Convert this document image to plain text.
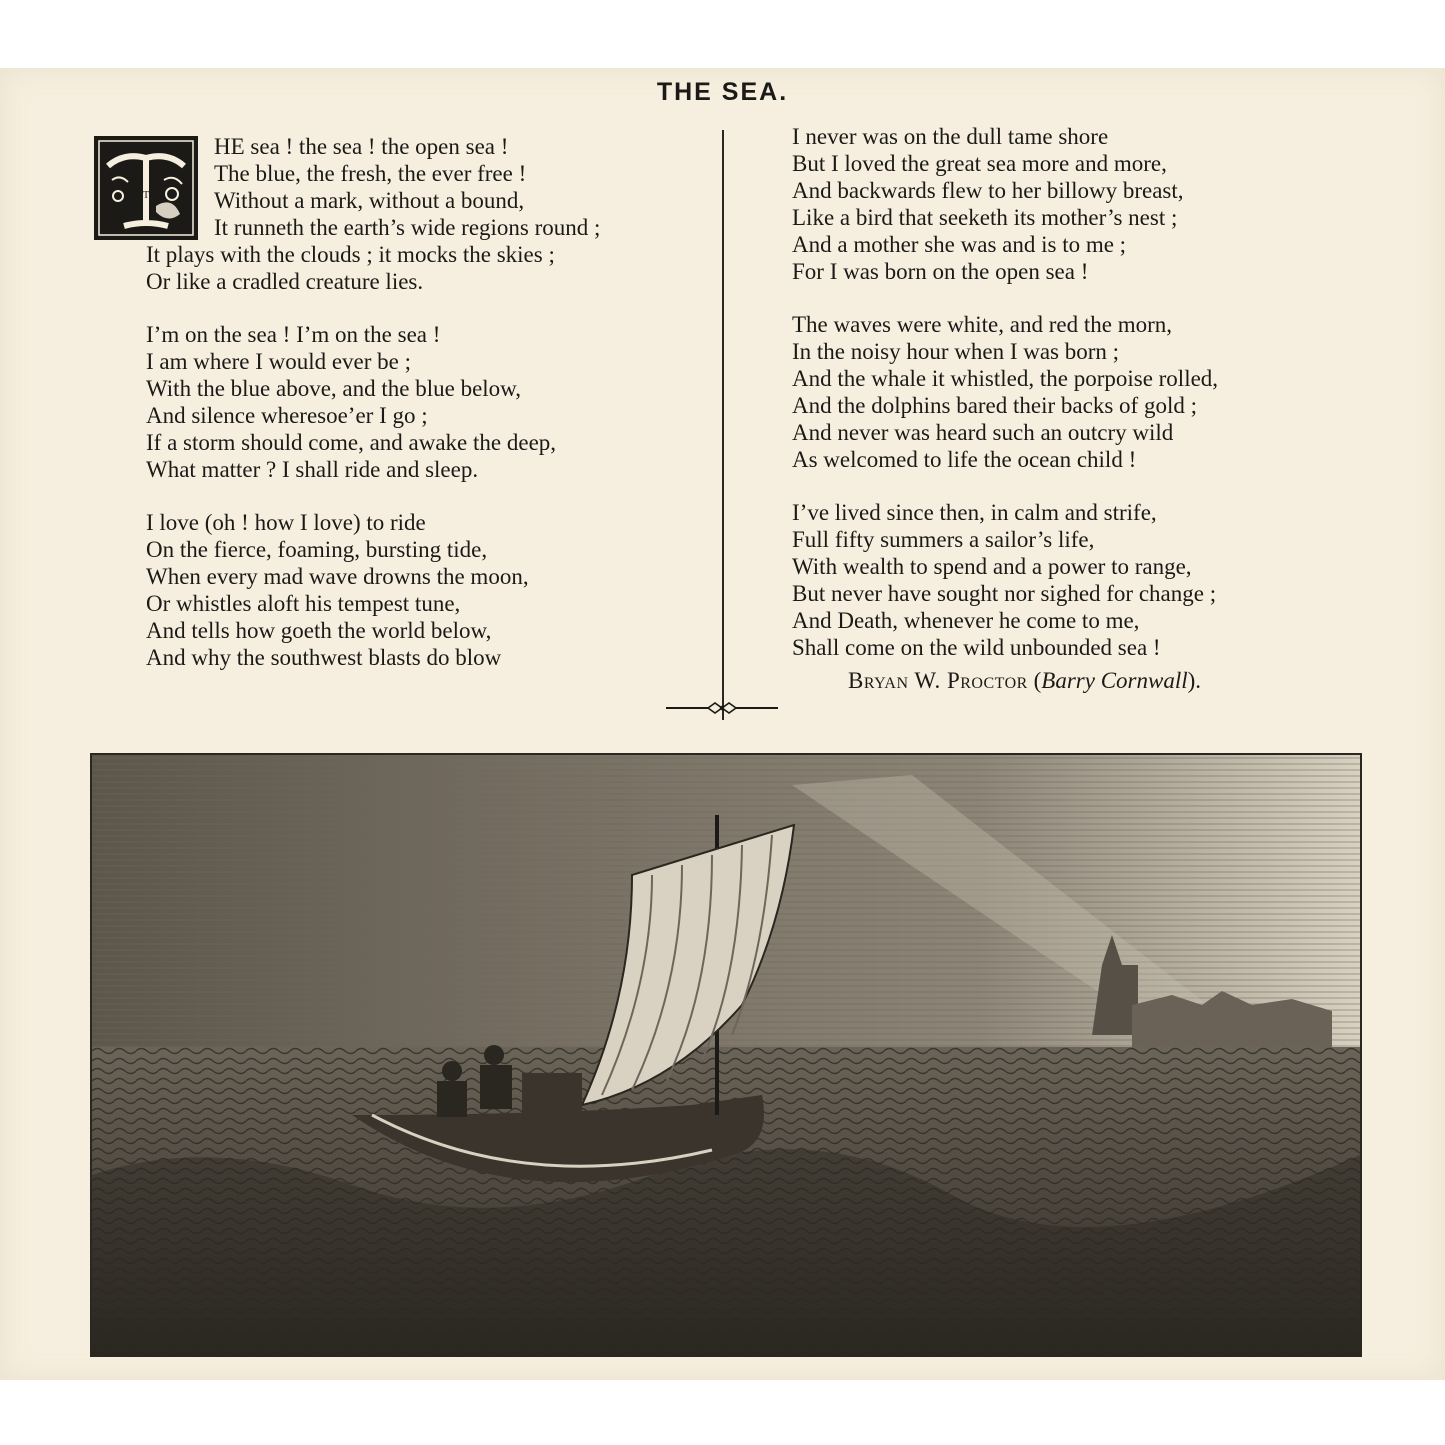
THE SEA.
T
HE sea ! the sea ! the open sea !
The blue, the fresh, the ever free !
Without a mark, without a bound,
It runneth the earth’s wide regions round ;
It plays with the clouds ; it mocks the skies ;
Or like a cradled creature lies.
I’m on the sea ! I’m on the sea !
I am where I would ever be ;
With the blue above, and the blue below,
And silence wheresoe’er I go ;
If a storm should come, and awake the deep,
What matter ? I shall ride and sleep.
I love (oh ! how I love) to ride
On the fierce, foaming, bursting tide,
When every mad wave drowns the moon,
Or whistles aloft his tempest tune,
And tells how goeth the world below,
And why the southwest blasts do blow
I never was on the dull tame shore
But I loved the great sea more and more,
And backwards flew to her billowy breast,
Like a bird that seeketh its mother’s nest ;
And a mother she was and is to me ;
For I was born on the open sea !
The waves were white, and red the morn,
In the noisy hour when I was born ;
And the whale it whistled, the porpoise rolled,
And the dolphins bared their backs of gold ;
And never was heard such an outcry wild
As welcomed to life the ocean child !
I’ve lived since then, in calm and strife,
Full fifty summers a sailor’s life,
With wealth to spend and a power to range,
But never have sought nor sighed for change ;
And Death, whenever he come to me,
Shall come on the wild unbounded sea !
Bryan W. Proctor (Barry Cornwall).
